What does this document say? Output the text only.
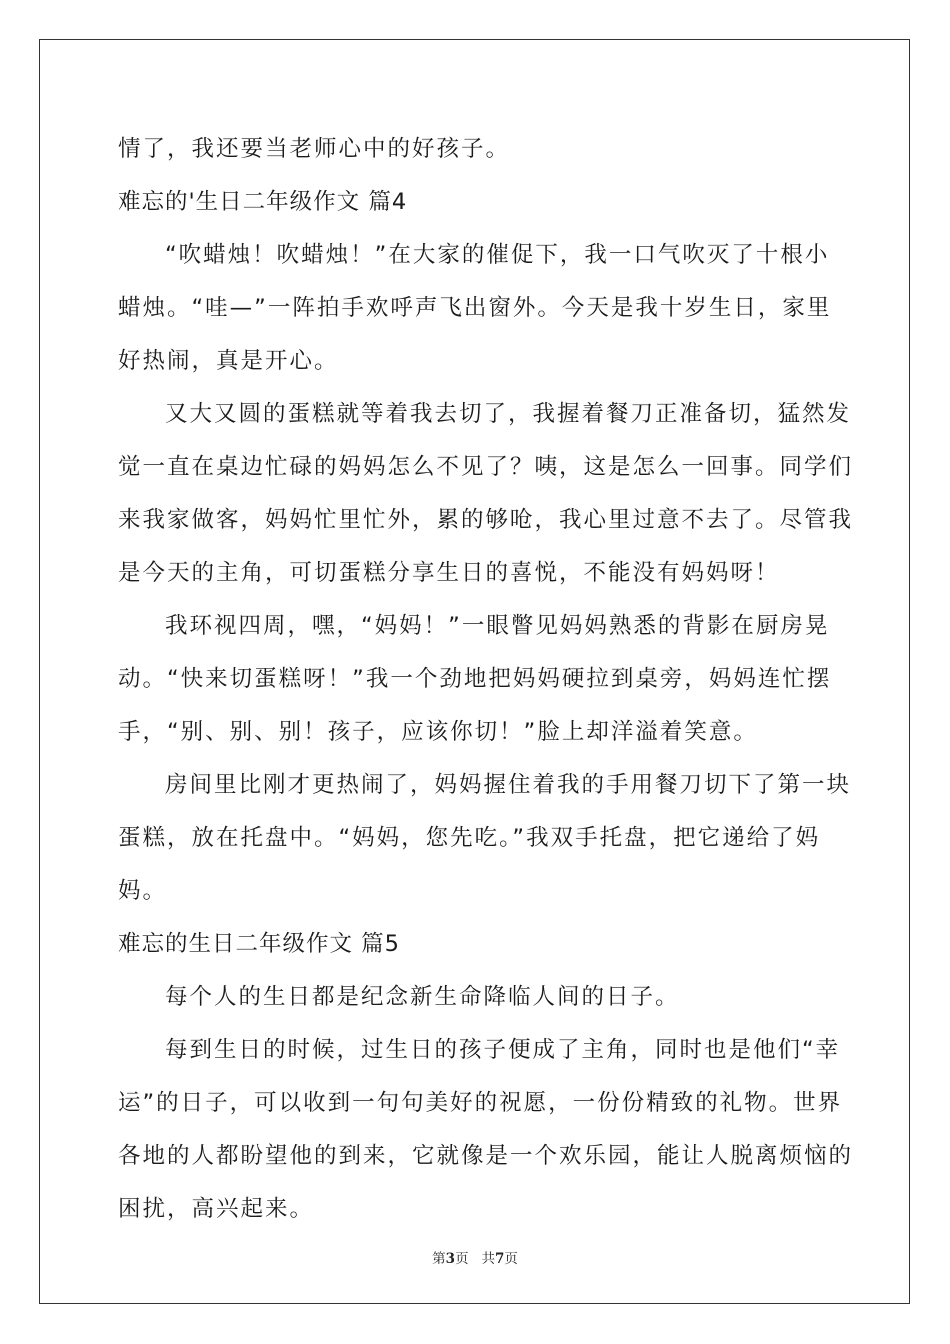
情了，我还要当老师心中的好孩子。
难忘的'生日二年级作文 篇4
“吹蜡烛！吹蜡烛！”在大家的催促下，我一口气吹灭了十根小
蜡烛。“哇—”一阵拍手欢呼声飞出窗外。今天是我十岁生日，家里
好热闹，真是开心。
又大又圆的蛋糕就等着我去切了，我握着餐刀正准备切，猛然发
觉一直在桌边忙碌的妈妈怎么不见了？咦，这是怎么一回事。同学们
来我家做客，妈妈忙里忙外，累的够呛，我心里过意不去了。尽管我
是今天的主角，可切蛋糕分享生日的喜悦，不能没有妈妈呀！
我环视四周，嘿，“妈妈！”一眼瞥见妈妈熟悉的背影在厨房晃
动。“快来切蛋糕呀！”我一个劲地把妈妈硬拉到桌旁，妈妈连忙摆
手，“别、别、别！孩子，应该你切！”脸上却洋溢着笑意。
房间里比刚才更热闹了，妈妈握住着我的手用餐刀切下了第一块
蛋糕，放在托盘中。“妈妈，您先吃。”我双手托盘，把它递给了妈
妈。
难忘的生日二年级作文 篇5
每个人的生日都是纪念新生命降临人间的日子。
每到生日的时候，过生日的孩子便成了主角，同时也是他们“幸
运”的日子，可以收到一句句美好的祝愿，一份份精致的礼物。世界
各地的人都盼望他的到来，它就像是一个欢乐园，能让人脱离烦恼的
困扰，高兴起来。
第3页 共7页
